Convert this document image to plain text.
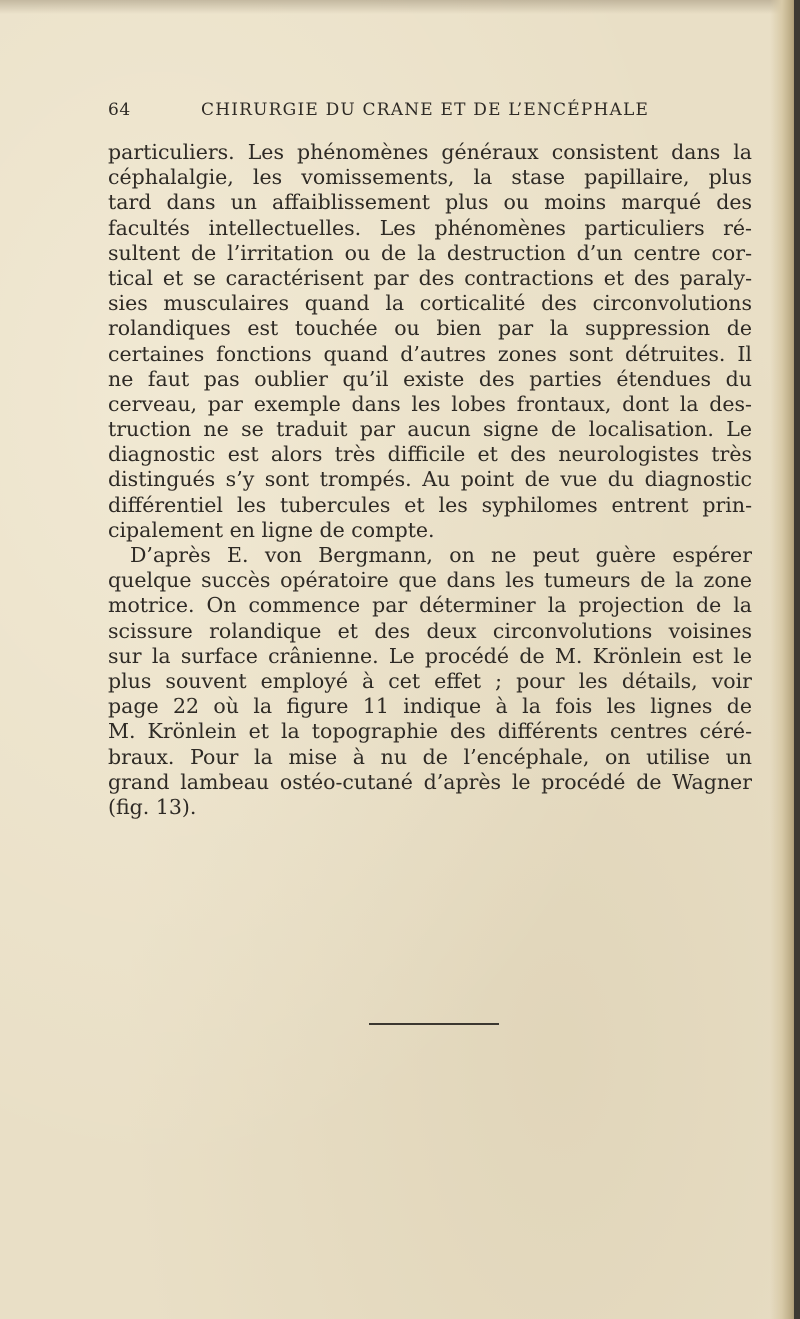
64	CHIRURGIE DU CRANE ET DE L’ENCÉPHALE
particuliers. Les phénomènes généraux consistent dans la
céphalalgie, les vomissements, la stase papillaire, plus
tard dans un affaiblissement plus ou moins marqué des
facultés intellectuelles. Les phénomènes particuliers ré-
sultent de l’irritation ou de la destruction d’un centre cor-
tical et se caractérisent par des contractions et des paraly-
sies musculaires quand la corticalité des circonvolutions
rolandiques est touchée ou bien par la suppression de
certaines fonctions quand d’autres zones sont détruites. Il
ne faut pas oublier qu’il existe des parties étendues du
cerveau, par exemple dans les lobes frontaux, dont la des-
truction ne se traduit par aucun signe de localisation. Le
diagnostic est alors très difficile et des neurologistes très
distingués s’y sont trompés. Au point de vue du diagnostic
différentiel les tubercules et les syphilomes entrent prin-
cipalement en ligne de compte.
D’après E. von Bergmann, on ne peut guère espérer
quelque succès opératoire que dans les tumeurs de la zone
motrice. On commence par déterminer la projection de la
scissure rolandique et des deux circonvolutions voisines
sur la surface crânienne. Le procédé de M. Krönlein est le
plus souvent employé à cet effet ; pour les détails, voir
page 22 où la figure 11 indique à la fois les lignes de
M. Krönlein et la topographie des différents centres céré-
braux. Pour la mise à nu de l’encéphale, on utilise un
grand lambeau ostéo-cutané d’après le procédé de Wagner
(fig. 13).
